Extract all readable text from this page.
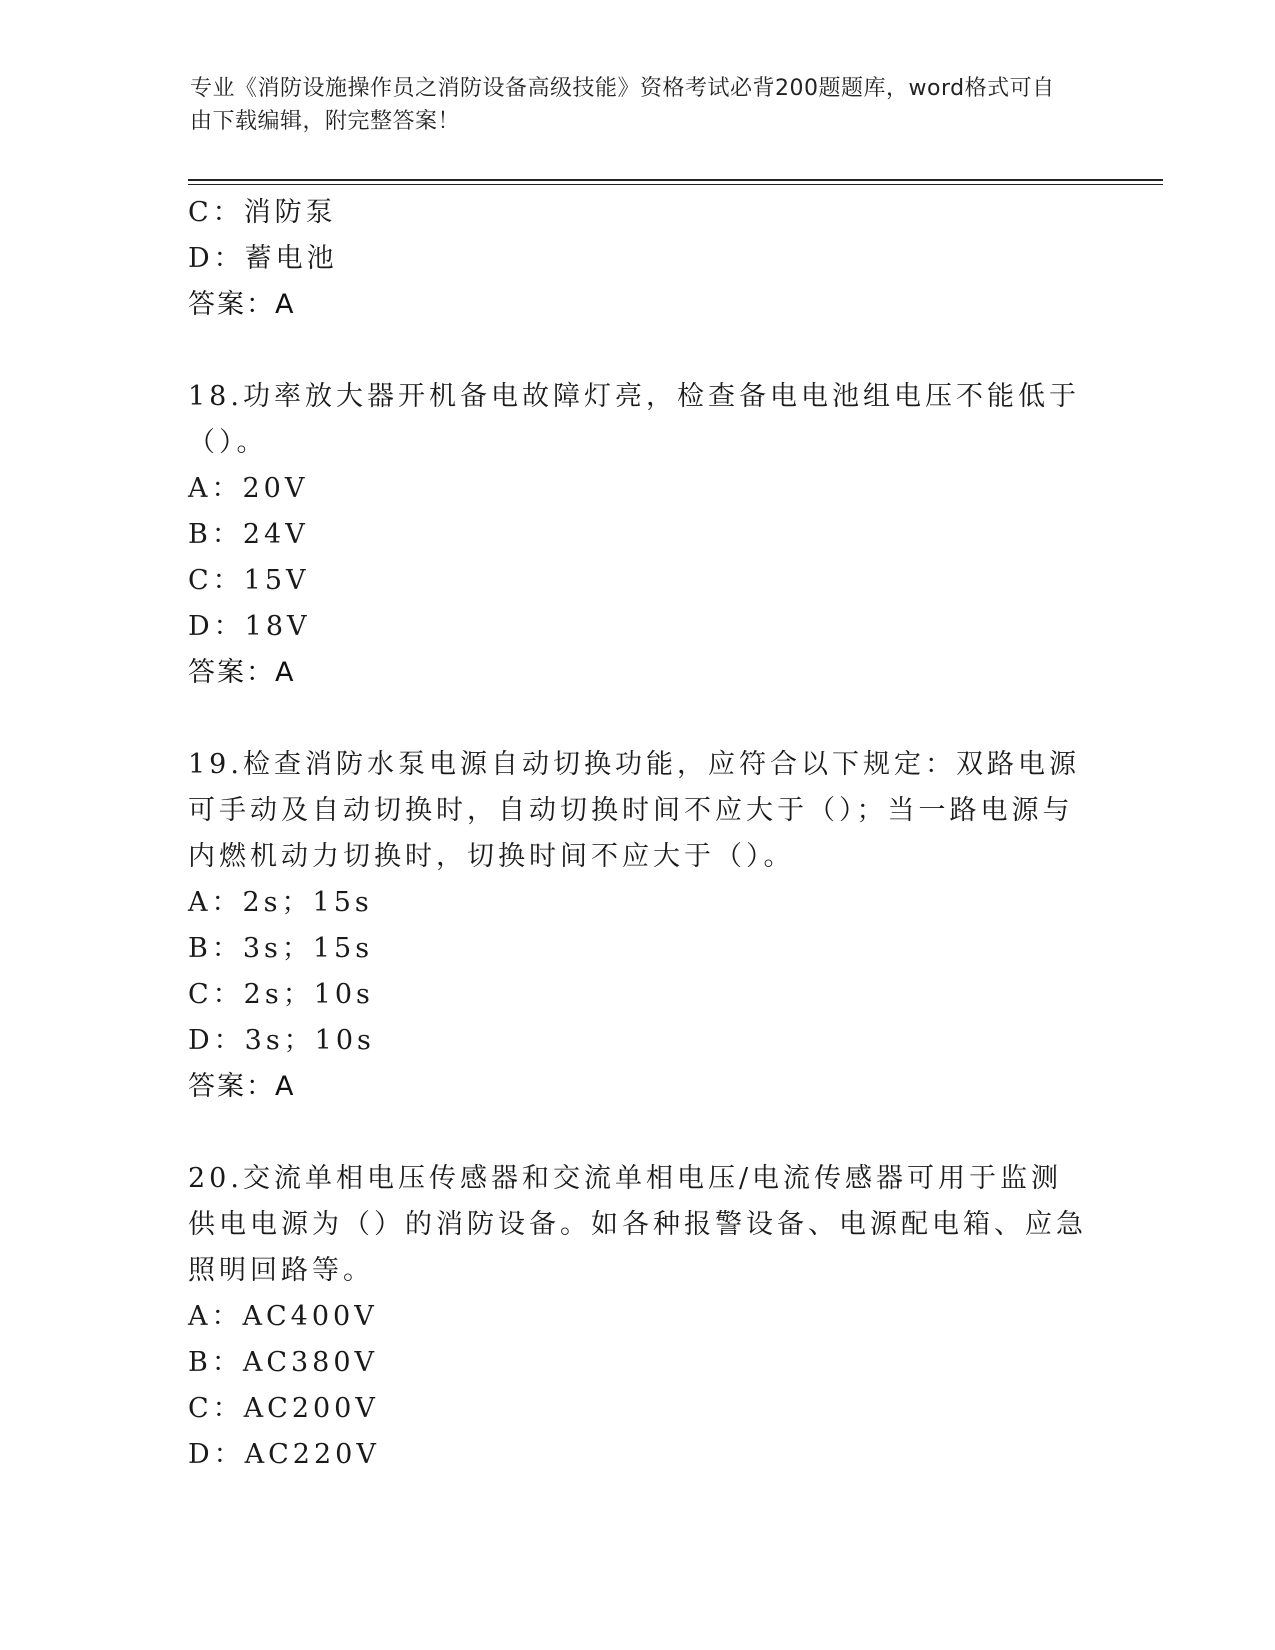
专业《消防设施操作员之消防设备高级技能》资格考试必背200题题库，word格式可自由下载编辑，附完整答案！
C：消防泵
D：蓄电池
答案：A
18.功率放大器开机备电故障灯亮，检查备电电池组电压不能低于（）。
A：20V
B：24V
C：15V
D：18V
答案：A
19.检查消防水泵电源自动切换功能，应符合以下规定：双路电源可手动及自动切换时，自动切换时间不应大于（）；当一路电源与内燃机动力切换时，切换时间不应大于（）。
A：2s；15s
B：3s；15s
C：2s；10s
D：3s；10s
答案：A
20.交流单相电压传感器和交流单相电压/电流传感器可用于监测供电电源为（）的消防设备。如各种报警设备、电源配电箱、应急照明回路等。
A：AC400V
B：AC380V
C：AC200V
D：AC220V
